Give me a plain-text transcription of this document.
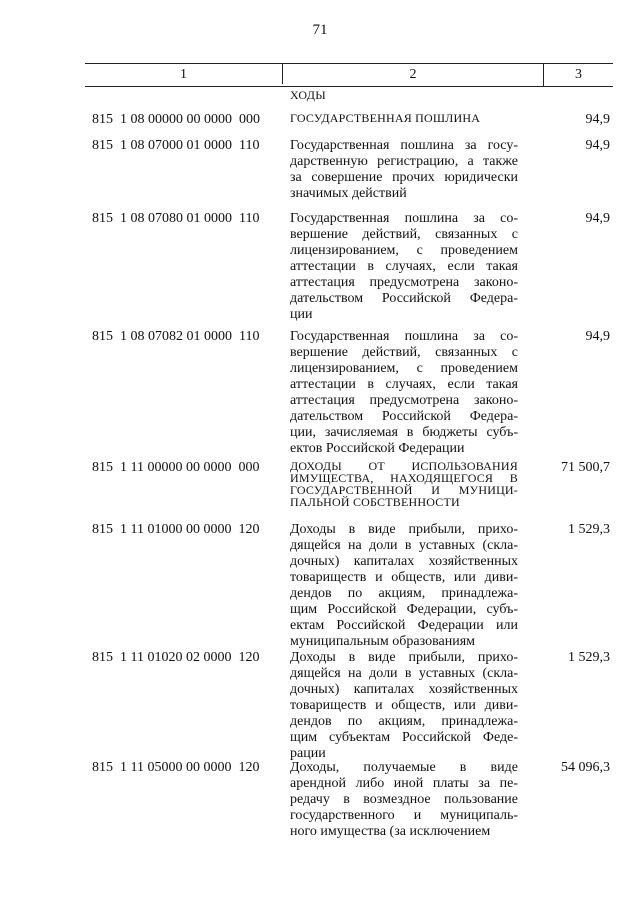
71
1	2	3
ХОДЫ
815  1 08 00000 00 0000  000	ГОСУДАРСТВЕННАЯ ПОШЛИНА	94,9
815  1 08 07000 01 0000  110 Государственная пошлина за госу-
дарственную регистрацию, а также
за совершение прочих юридически
значимых действий
94,9
815  1 08 07080 01 0000  110 Государственная пошлина за со-
вершение действий, связанных с
лицензированием, с проведением
аттестации в случаях, если такая
аттестация предусмотрена законо-
дательством Российской Федера-
ции
94,9
815  1 08 07082 01 0000  110 Государственная пошлина за со-
вершение действий, связанных с
лицензированием, с проведением
аттестации в случаях, если такая
аттестация предусмотрена законо-
дательством Российской Федера-
ции, зачисляемая в бюджеты субъ-
ектов Российской Федерации
94,9
815  1 11 00000 00 0000  000	ДОХОДЫ ОТ ИСПОЛЬЗОВАНИЯ
ИМУЩЕСТВА, НАХОДЯЩЕГОСЯ В
ГОСУДАРСТВЕННОЙ И МУНИЦИ-
ПАЛЬНОЙ СОБСТВЕННОСТИ
71 500,7
815  1 11 01000 00 0000  120 Доходы в виде прибыли, прихо-
дящейся на доли в уставных (скла-
дочных) капиталах хозяйственных
товариществ и обществ, или диви-
дендов по акциям, принадлежа-
щим Российской Федерации, субъ-
ектам Российской Федерации или
муниципальным образованиям
1 529,3
815  1 11 01020 02 0000  120 Доходы в виде прибыли, прихо-
дящейся на доли в уставных (скла-
дочных) капиталах хозяйственных
товариществ и обществ, или диви-
дендов по акциям, принадлежа-
щим субъектам Российской Феде-
рации
1 529,3
815  1 11 05000 00 0000  120 Доходы, получаемые в виде
арендной либо иной платы за пе-
редачу в возмездное пользование
государственного и муниципаль-
ного имущества (за исключением
54 096,3
